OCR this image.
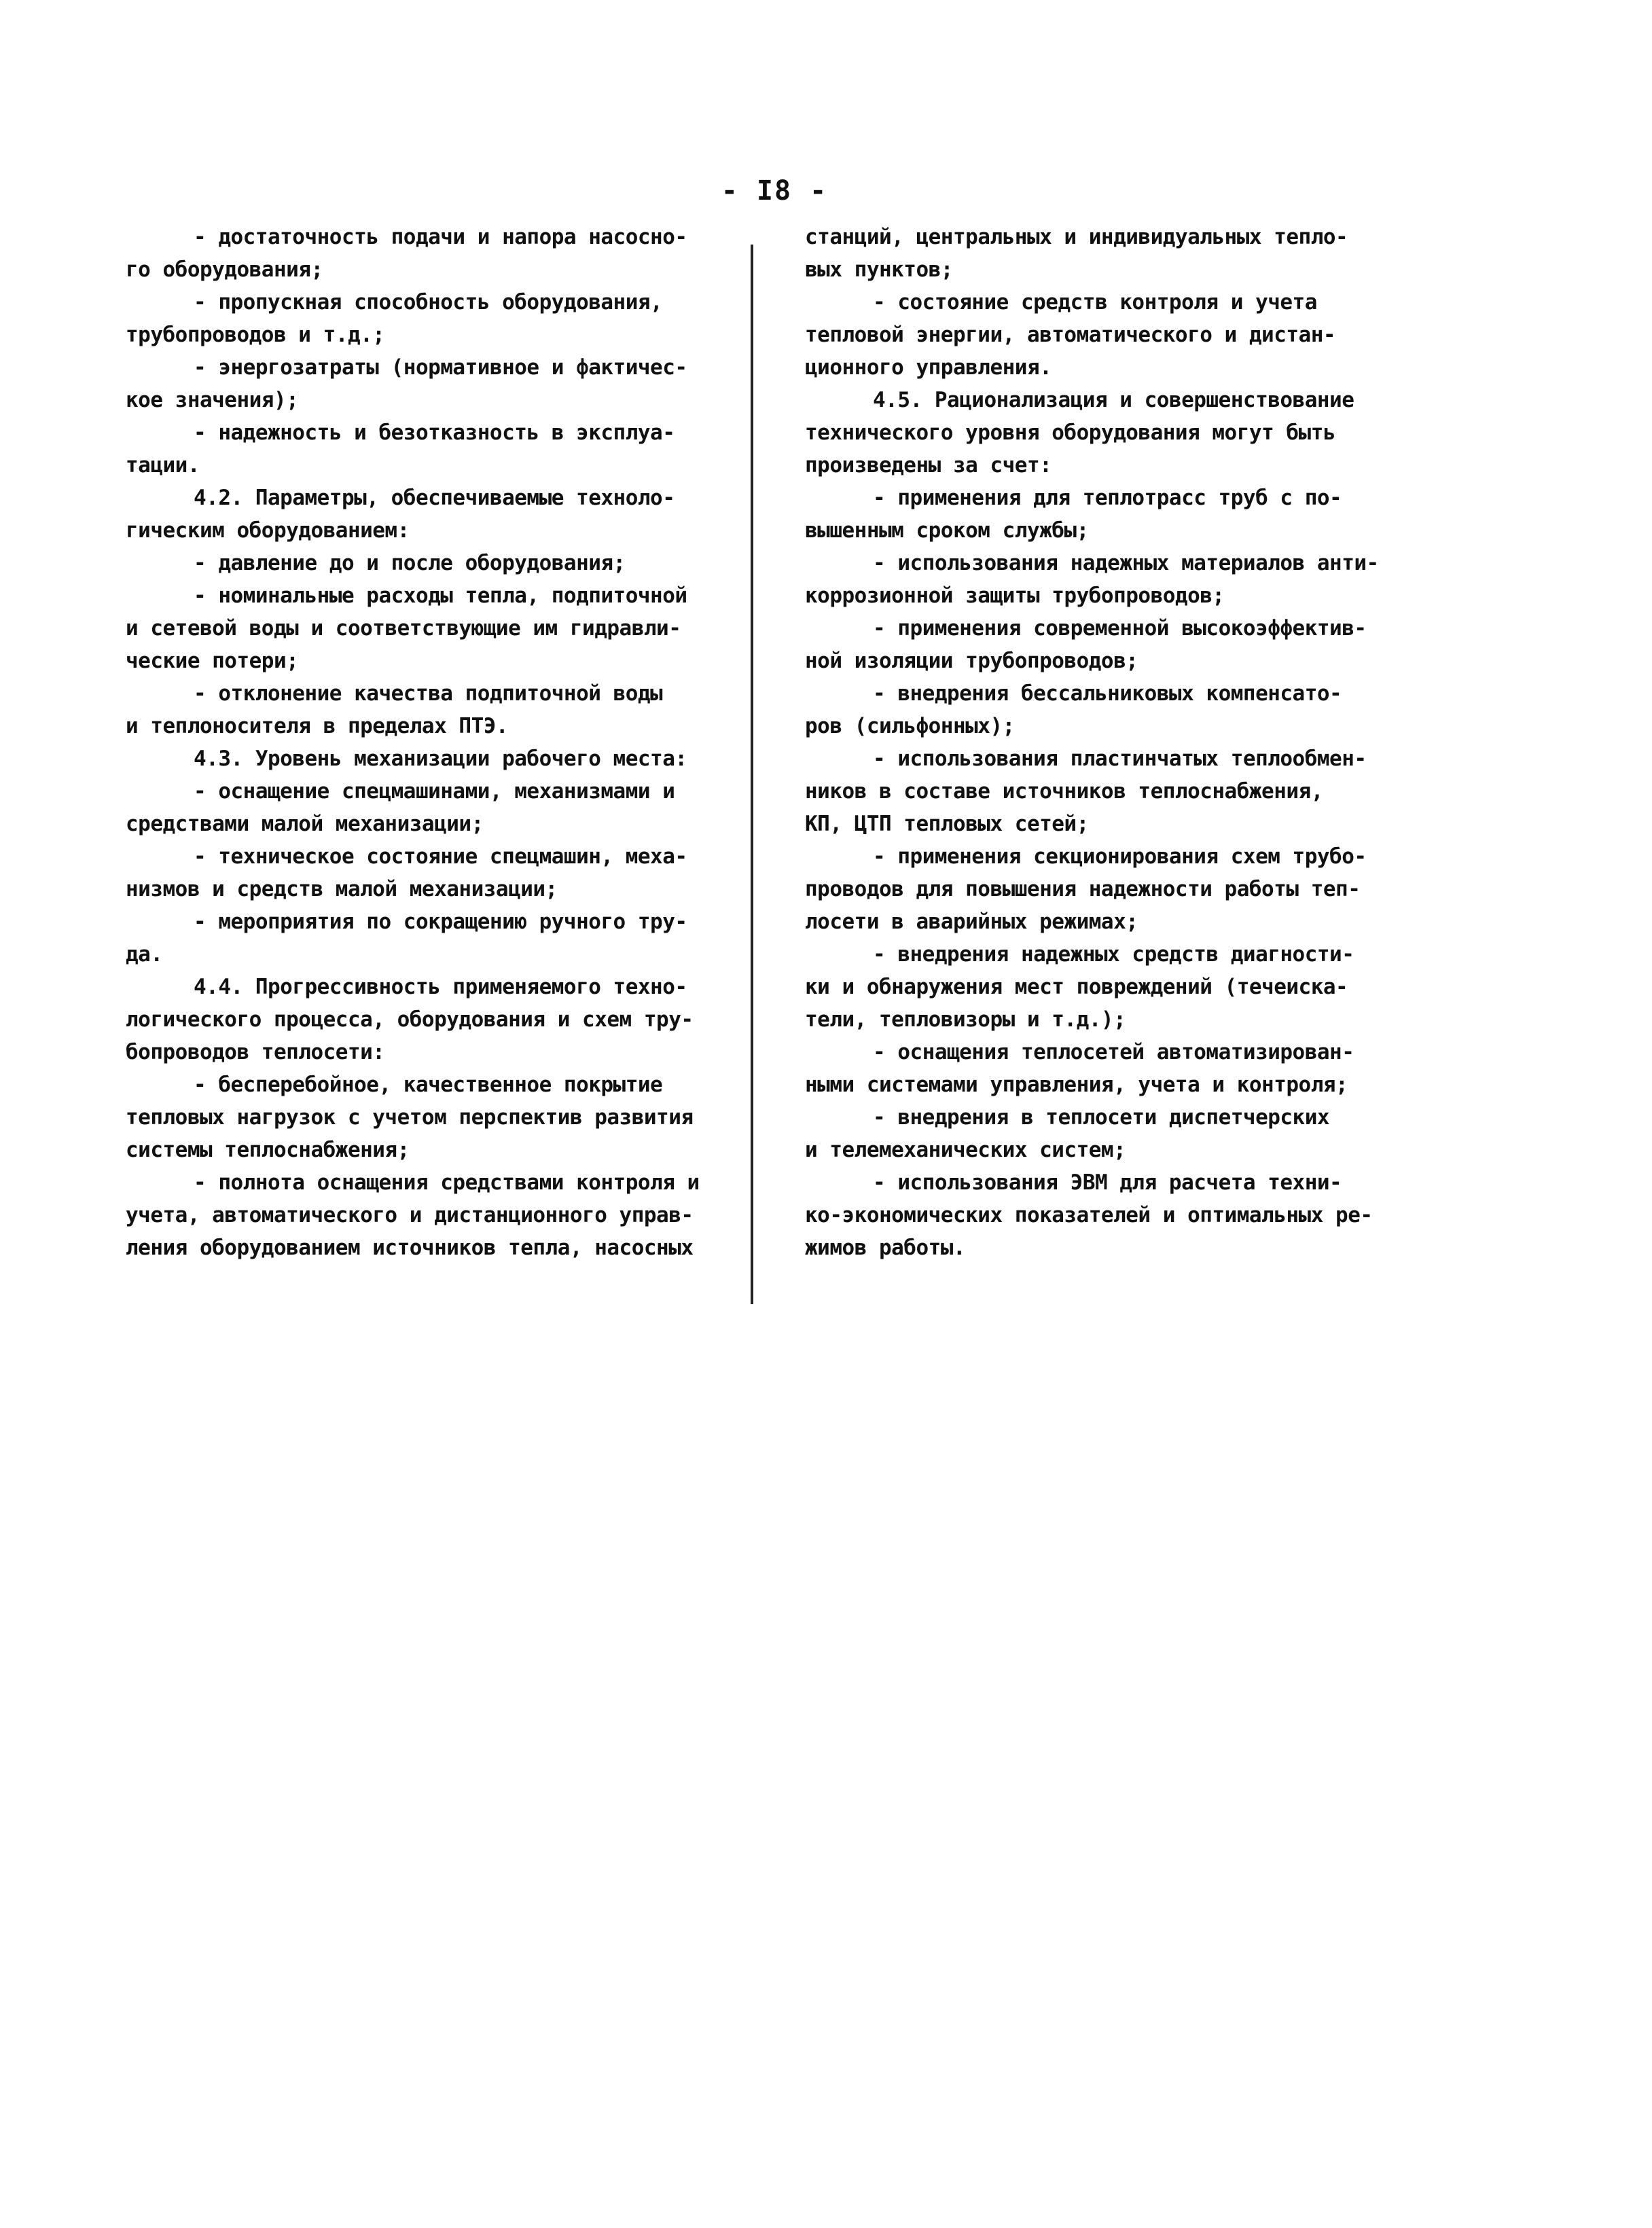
- I8 -
- достаточность подачи и напора насосно-
го оборудования;
- пропускная способность оборудования,
трубопроводов и т.д.;
- энергозатраты (нормативное и фактичес-
кое значения);
- надежность и безотказность в эксплуа-
тации.
4.2. Параметры, обеспечиваемые техноло-
гическим оборудованием:
- давление до и после оборудования;
- номинальные расходы тепла, подпиточной
и сетевой воды и соответствующие им гидравли-
ческие потери;
- отклонение качества подпиточной воды
и теплоносителя в пределах ПТЭ.
4.3. Уровень механизации рабочего места:
- оснащение спецмашинами, механизмами и
средствами малой механизации;
- техническое состояние спецмашин, меха-
низмов и средств малой механизации;
- мероприятия по сокращению ручного тру-
да.
4.4. Прогрессивность применяемого техно-
логического процесса, оборудования и схем тру-
бопроводов теплосети:
- бесперебойное, качественное покрытие
тепловых нагрузок с учетом перспектив развития
системы теплоснабжения;
- полнота оснащения средствами контроля и
учета, автоматического и дистанционного управ-
ления оборудованием источников тепла, насосных
станций, центральных и индивидуальных тепло-
вых пунктов;
- состояние средств контроля и учета
тепловой энергии, автоматического и дистан-
ционного управления.
4.5. Рационализация и совершенствование
технического уровня оборудования могут быть
произведены за счет:
- применения для теплотрасс труб с по-
вышенным сроком службы;
- использования надежных материалов анти-
коррозионной защиты трубопроводов;
- применения современной высокоэффектив-
ной изоляции трубопроводов;
- внедрения бессальниковых компенсато-
ров (сильфонных);
- использования пластинчатых теплообмен-
ников в составе источников теплоснабжения,
КП, ЦТП тепловых сетей;
- применения секционирования схем трубо-
проводов для повышения надежности работы теп-
лосети в аварийных режимах;
- внедрения надежных средств диагности-
ки и обнаружения мест повреждений (течеиска-
тели, тепловизоры и т.д.);
- оснащения теплосетей автоматизирован-
ными системами управления, учета и контроля;
- внедрения в теплосети диспетчерских
и телемеханических систем;
- использования ЭВМ для расчета техни-
ко-экономических показателей и оптимальных ре-
жимов работы.
